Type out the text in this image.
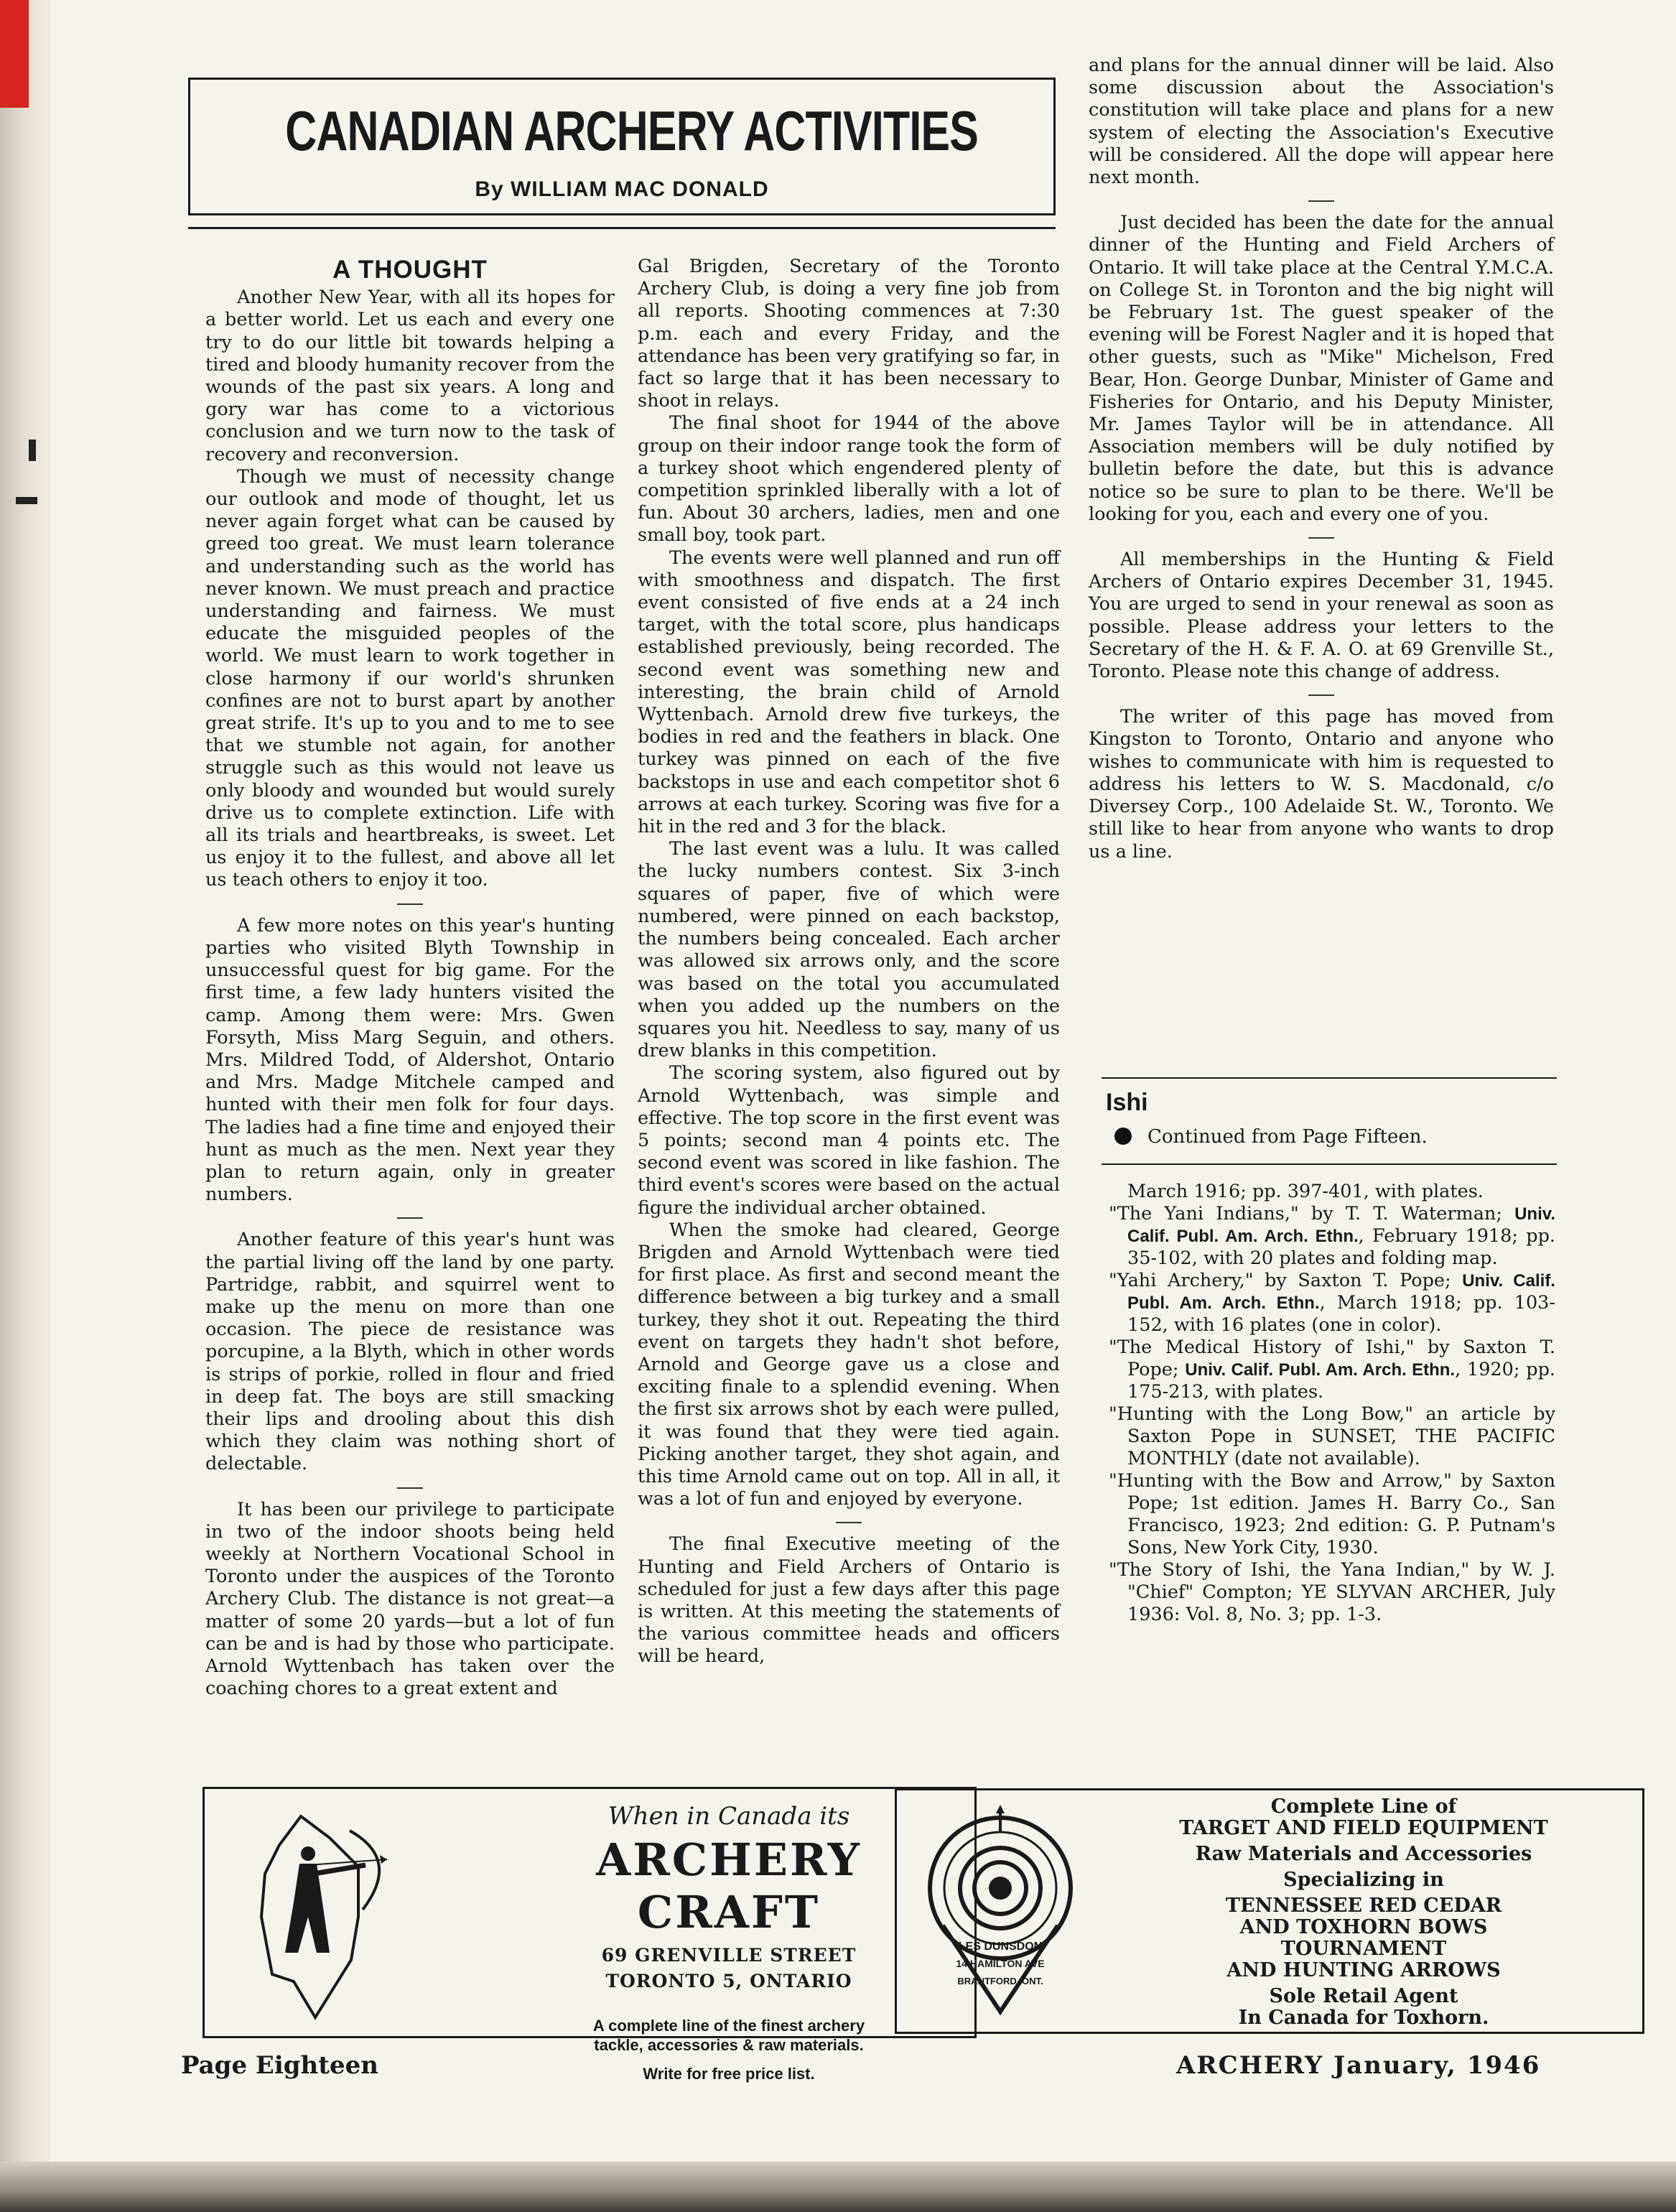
CANADIAN ARCHERY ACTIVITIES
By WILLIAM MAC DONALD
A THOUGHT

Another New Year, with all its hopes for a better world. Let us each and every one try to do our little bit towards helping a tired and bloody humanity recover from the wounds of the past six years. A long and gory war has come to a victorious conclusion and we turn now to the task of recovery and reconversion.

Though we must of necessity change our outlook and mode of thought, let us never again forget what can be caused by greed too great. We must learn tolerance and understanding such as the world has never known. We must preach and practice understanding and fairness. We must educate the misguided peoples of the world. We must learn to work together in close harmony if our world's shrunken confines are not to burst apart by another great strife. It's up to you and to me to see that we stumble not again, for another struggle such as this would not leave us only bloody and wounded but would surely drive us to complete extinction. Life with all its trials and heartbreaks, is sweet. Let us enjoy it to the fullest, and above all let us teach others to enjoy it too.

A few more notes on this year's hunting parties who visited Blyth Township in unsuccessful quest for big game. For the first time, a few lady hunters visited the camp. Among them were: Mrs. Gwen Forsyth, Miss Marg Seguin, and others. Mrs. Mildred Todd, of Aldershot, Ontario and Mrs. Madge Mitchele camped and hunted with their men folk for four days. The ladies had a fine time and enjoyed their hunt as much as the men. Next year they plan to return again, only in greater numbers.

Another feature of this year's hunt was the partial living off the land by one party. Partridge, rabbit, and squirrel went to make up the menu on more than one occasion. The piece de resistance was porcupine, a la Blyth, which in other words is strips of porkie, rolled in flour and fried in deep fat. The boys are still smacking their lips and drooling about this dish which they claim was nothing short of delectable.

It has been our privilege to participate in two of the indoor shoots being held weekly at Northern Vocational School in Toronto under the auspices of the Toronto Archery Club. The distance is not great—a matter of some 20 yards—but a lot of fun can be and is had by those who participate. Arnold Wyttenbach has taken over the coaching chores to a great extent and

Gal Brigden, Secretary of the Toronto Archery Club, is doing a very fine job from all reports. Shooting commences at 7:30 p.m. each and every Friday, and the attendance has been very gratifying so far, in fact so large that it has been necessary to shoot in relays.

The final shoot for 1944 of the above group on their indoor range took the form of a turkey shoot which engendered plenty of competition sprinkled liberally with a lot of fun. About 30 archers, ladies, men and one small boy, took part.

The events were well planned and run off with smoothness and dispatch. The first event consisted of five ends at a 24 inch target, with the total score, plus handicaps established previously, being recorded. The second event was something new and interesting, the brain child of Arnold Wyttenbach. Arnold drew five turkeys, the bodies in red and the feathers in black. One turkey was pinned on each of the five backstops in use and each competitor shot 6 arrows at each turkey. Scoring was five for a hit in the red and 3 for the black.

The last event was a lulu. It was called the lucky numbers contest. Six 3-inch squares of paper, five of which were numbered, were pinned on each backstop, the numbers being concealed. Each archer was allowed six arrows only, and the score was based on the total you accumulated when you added up the numbers on the squares you hit. Needless to say, many of us drew blanks in this competition.

The scoring system, also figured out by Arnold Wyttenbach, was simple and effective. The top score in the first event was 5 points; second man 4 points etc. The second event was scored in like fashion. The third event's scores were based on the actual figure the individual archer obtained.

When the smoke had cleared, George Brigden and Arnold Wyttenbach were tied for first place. As first and second meant the difference between a big turkey and a small turkey, they shot it out. Repeating the third event on targets they hadn't shot before, Arnold and George gave us a close and exciting finale to a splendid evening. When the first six arrows shot by each were pulled, it was found that they were tied again. Picking another target, they shot again, and this time Arnold came out on top. All in all, it was a lot of fun and enjoyed by everyone.

The final Executive meeting of the Hunting and Field Archers of Ontario is scheduled for just a few days after this page is written. At this meeting the statements of the various committee heads and officers will be heard,

and plans for the annual dinner will be laid. Also some discussion about the Association's constitution will take place and plans for a new system of electing the Association's Executive will be considered. All the dope will appear here next month.

Just decided has been the date for the annual dinner of the Hunting and Field Archers of Ontario. It will take place at the Central Y.M.C.A. on College St. in Toronton and the big night will be February 1st. The guest speaker of the evening will be Forest Nagler and it is hoped that other guests, such as "Mike" Michelson, Fred Bear, Hon. George Dunbar, Minister of Game and Fisheries for Ontario, and his Deputy Minister, Mr. James Taylor will be in attendance. All Association members will be duly notified by bulletin before the date, but this is advance notice so be sure to plan to be there. We'll be looking for you, each and every one of you.

All memberships in the Hunting & Field Archers of Ontario expires December 31, 1945. You are urged to send in your renewal as soon as possible. Please address your letters to the Secretary of the H. & F. A. O. at 69 Grenville St., Toronto. Please note this change of address.

The writer of this page has moved from Kingston to Toronto, Ontario and anyone who wishes to communicate with him is requested to address his letters to W. S. Macdonald, c/o Diversey Corp., 100 Adelaide St. W., Toronto. We still like to hear from anyone who wants to drop us a line.

Ishi
Continued from Page Fifteen.

March 1916; pp. 397-401, with plates.

"The Yani Indians," by T. T. Waterman; Univ. Calif. Publ. Am. Arch. Ethn., February 1918; pp. 35-102, with 20 plates and folding map.

"Yahi Archery," by Saxton T. Pope; Univ. Calif. Publ. Am. Arch. Ethn., March 1918; pp. 103-152, with 16 plates (one in color).

"The Medical History of Ishi," by Saxton T. Pope; Univ. Calif. Publ. Am. Arch. Ethn., 1920; pp. 175-213, with plates.

"Hunting with the Long Bow," an article by Saxton Pope in SUNSET, THE PACIFIC MONTHLY (date not available).

"Hunting with the Bow and Arrow," by Saxton Pope; 1st edition. James H. Barry Co., San Francisco, 1923; 2nd edition: G. P. Putnam's Sons, New York City, 1930.

"The Story of Ishi, the Yana Indian," by W. J. "Chief" Compton; YE SLYVAN ARCHER, July 1936: Vol. 8, No. 3; pp. 1-3.

When in Canada its
ARCHERY CRAFT
69 GRENVILLE STREET
TORONTO 5, ONTARIO
A complete line of the finest archery
tackle, accessories & raw materials.
Write for free price list.
LES DUNSDON
14 HAMILTON AVE
BRANTFORD, ONT.
Complete Line of
TARGET AND FIELD EQUIPMENT
Raw Materials and Accessories
Specializing in
TENNESSEE RED CEDAR
AND TOXHORN BOWS
TOURNAMENT
AND HUNTING ARROWS
Sole Retail Agent
In Canada for Toxhorn.
Page Eighteen	ARCHERY January, 1946
